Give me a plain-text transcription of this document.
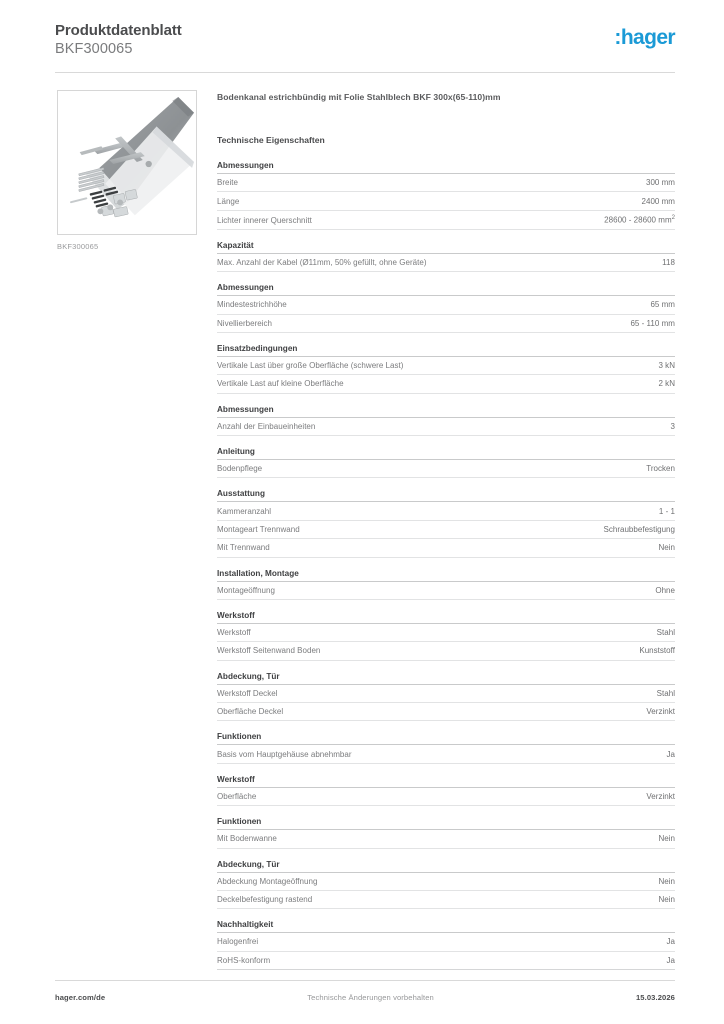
Produktdatenblatt
BKF300065	:hager
BKF300065
Bodenkanal estrichbündig mit Folie Stahlblech BKF 300x(65-110)mm
Technische Eigenschaften
Abmessungen	
Breite	300 mm
Länge	2400 mm
Lichter innerer Querschnitt	28600 - 28600 $mm^2$
Kapazität	
Max. Anzahl der Kabel (Ø11mm, 50% gefüllt, ohne Geräte)	118
Abmessungen	
Mindestestrichhöhe	65 mm
Nivellierbereich	65 - 110 mm
Einsatzbedingungen	
Vertikale Last über große Oberfläche (schwere Last)	3 kN
Vertikale Last auf kleine Oberfläche	2 kN
Abmessungen	
Anzahl der Einbaueinheiten	3
Anleitung	
Bodenpflege	Trocken
Ausstattung	
Kammeranzahl	1 - 1
Montageart Trennwand	Schraubbefestigung
Mit Trennwand	Nein
Installation, Montage	
Montageöffnung	Ohne
Werkstoff	
Werkstoff	Stahl
Werkstoff Seitenwand Boden	Kunststoff
Abdeckung, Tür	
Werkstoff Deckel	Stahl
Oberfläche Deckel	Verzinkt
Funktionen	
Basis vom Hauptgehäuse abnehmbar	Ja
Werkstoff	
Oberfläche	Verzinkt
Funktionen	
Mit Bodenwanne	Nein
Abdeckung, Tür	
Abdeckung Montageöffnung	Nein
Deckelbefestigung rastend	Nein
Nachhaltigkeit	
Halogenfrei	Ja
RoHS-konform	Ja
hager.com/de	Technische Änderungen vorbehalten	15.03.2026
